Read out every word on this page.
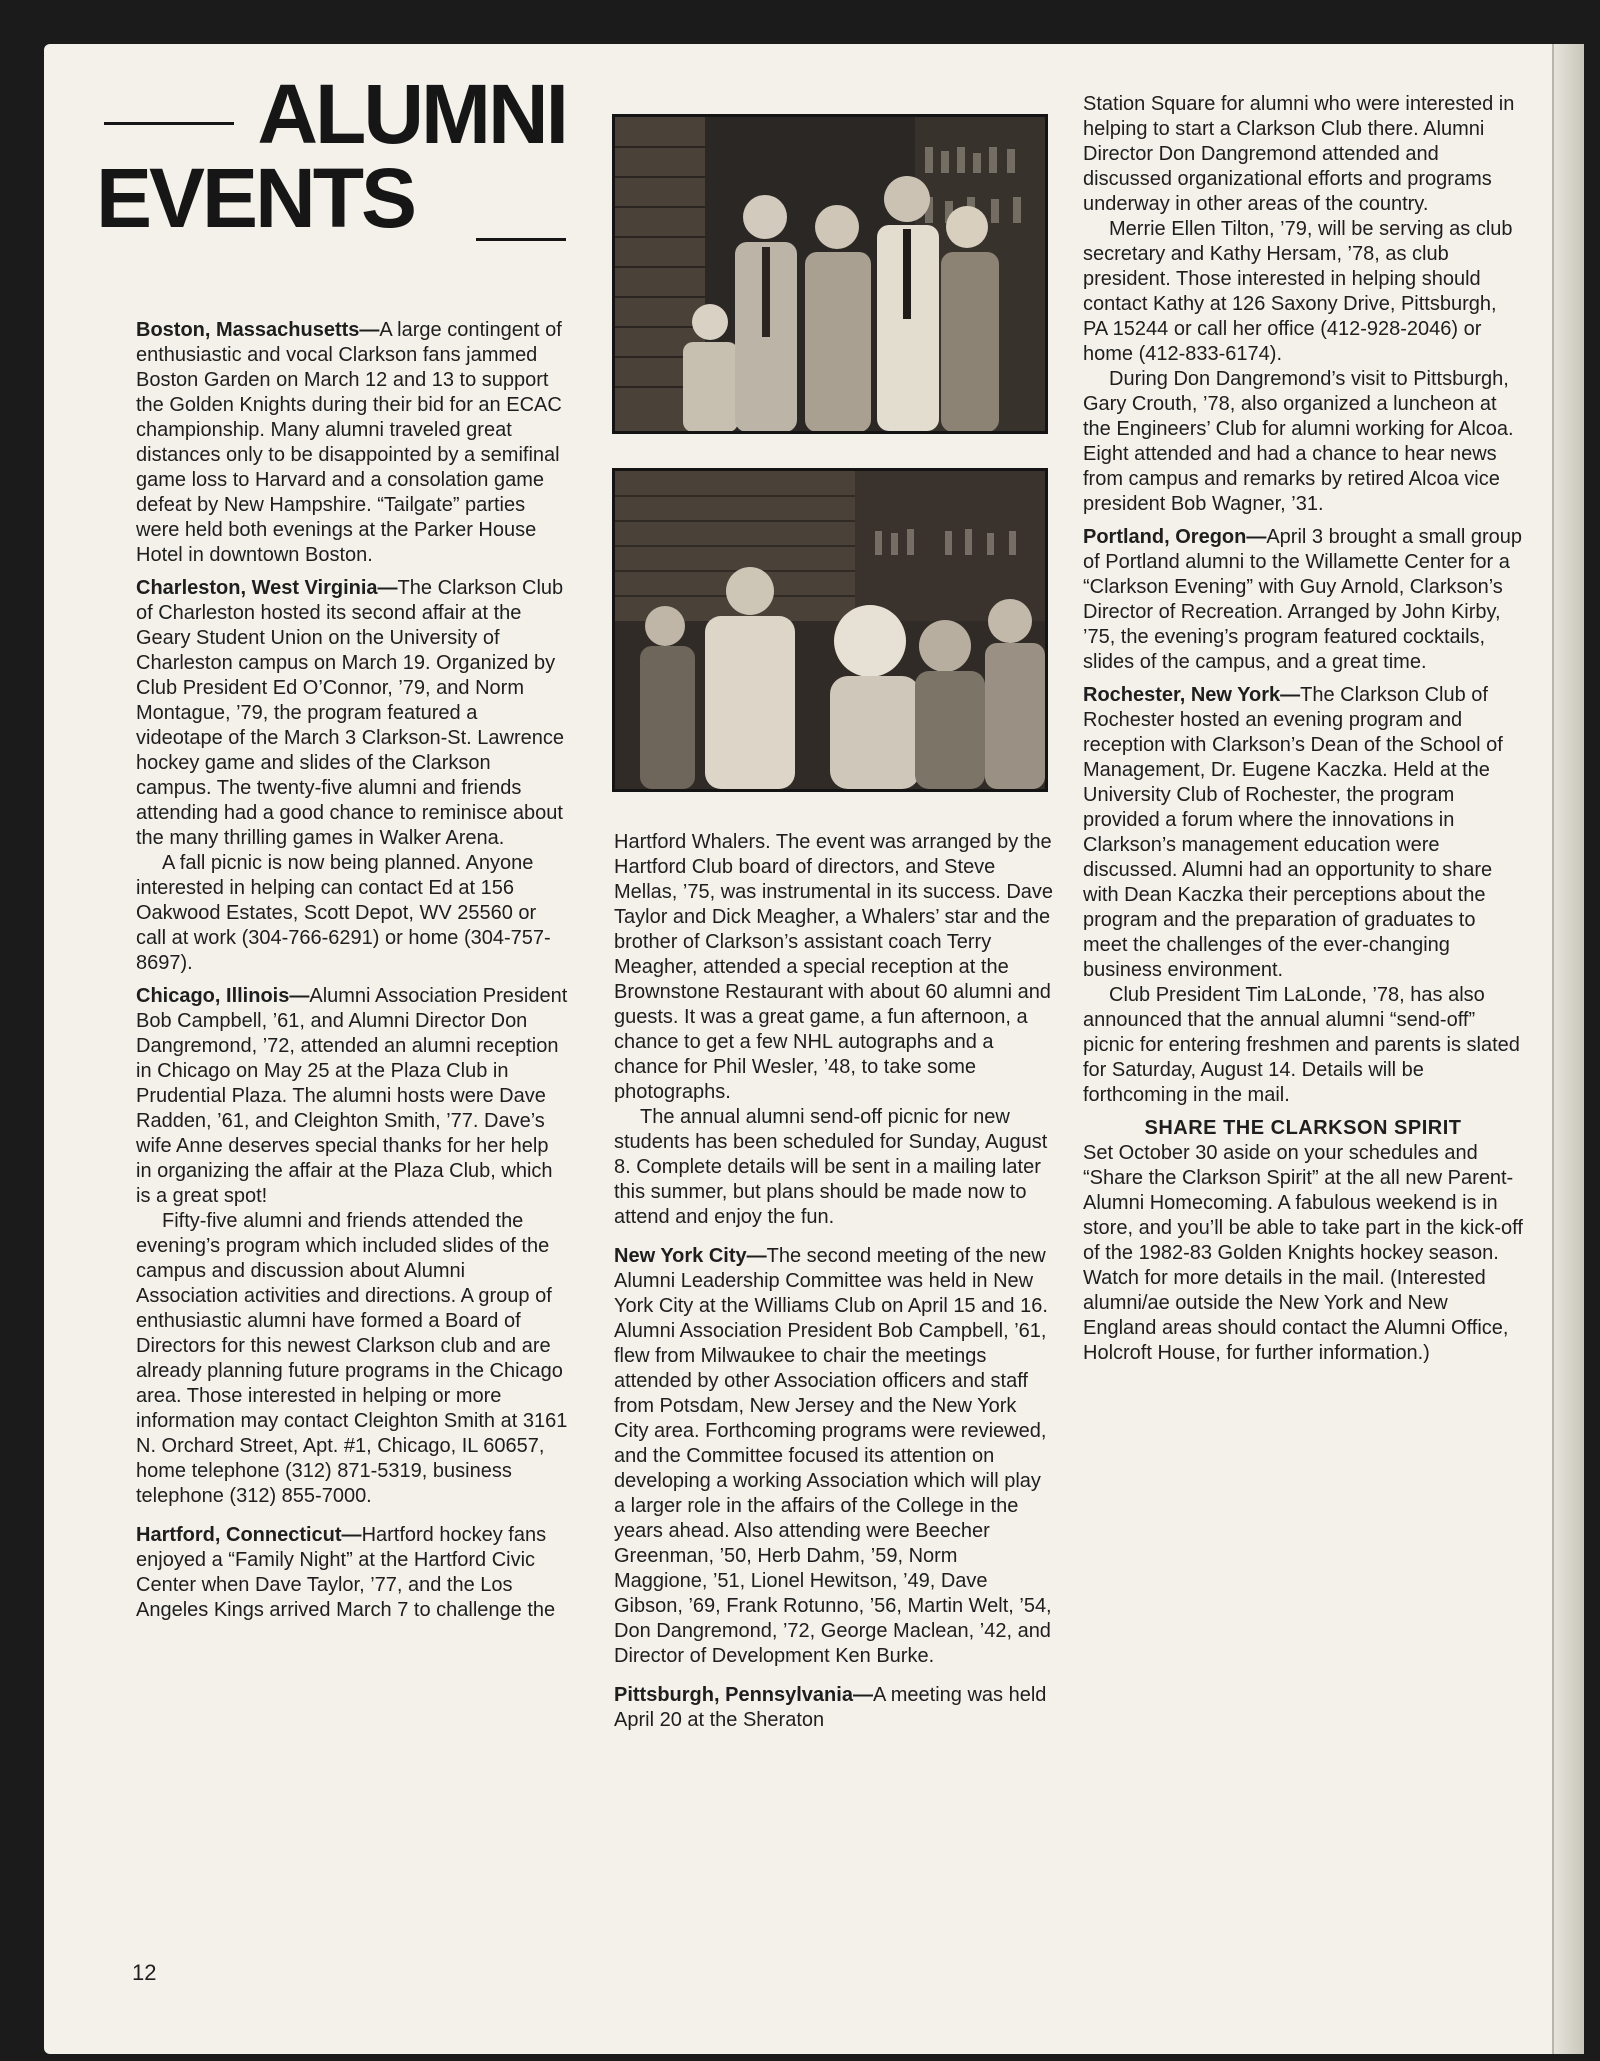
ALUMNI
EVENTS

Boston, Massachusetts—A large contingent of enthusiastic and vocal Clarkson fans jammed Boston Garden on March 12 and 13 to support the Golden Knights during their bid for an ECAC championship. Many alumni traveled great distances only to be disappointed by a semifinal game loss to Harvard and a consolation game defeat by New Hampshire. “Tailgate” parties were held both evenings at the Parker House Hotel in downtown Boston.

Charleston, West Virginia—The Clarkson Club of Charleston hosted its second affair at the Geary Student Union on the University of Charleston campus on March 19. Organized by Club President Ed O’Connor, ’79, and Norm Montague, ’79, the program featured a videotape of the March 3 Clarkson-St. Lawrence hockey game and slides of the Clarkson campus. The twenty-five alumni and friends attending had a good chance to reminisce about the many thrilling games in Walker Arena.

A fall picnic is now being planned. Anyone interested in helping can contact Ed at 156 Oakwood Estates, Scott Depot, WV 25560 or call at work (304-766-6291) or home (304-757-8697).

Chicago, Illinois—Alumni Association President Bob Campbell, ’61, and Alumni Director Don Dangremond, ’72, attended an alumni reception in Chicago on May 25 at the Plaza Club in Prudential Plaza. The alumni hosts were Dave Radden, ’61, and Cleighton Smith, ’77. Dave’s wife Anne deserves special thanks for her help in organizing the affair at the Plaza Club, which is a great spot!

Fifty-five alumni and friends attended the evening’s program which included slides of the campus and discussion about Alumni Association activities and directions. A group of enthusiastic alumni have formed a Board of Directors for this newest Clarkson club and are already planning future programs in the Chicago area. Those interested in helping or more information may contact Cleighton Smith at 3161 N. Orchard Street, Apt. #1, Chicago, IL 60657, home telephone (312) 871-5319, business telephone (312) 855-7000.

Hartford, Connecticut—Hartford hockey fans enjoyed a “Family Night” at the Hartford Civic Center when Dave Taylor, ’77, and the Los Angeles Kings arrived March 7 to challenge the

Hartford Whalers. The event was arranged by the Hartford Club board of directors, and Steve Mellas, ’75, was instrumental in its success. Dave Taylor and Dick Meagher, a Whalers’ star and the brother of Clarkson’s assistant coach Terry Meagher, attended a special reception at the Brownstone Restaurant with about 60 alumni and guests. It was a great game, a fun afternoon, a chance to get a few NHL autographs and a chance for Phil Wesler, ’48, to take some photographs.

The annual alumni send-off picnic for new students has been scheduled for Sunday, August 8. Complete details will be sent in a mailing later this summer, but plans should be made now to attend and enjoy the fun.

New York City—The second meeting of the new Alumni Leadership Committee was held in New York City at the Williams Club on April 15 and 16. Alumni Association President Bob Campbell, ’61, flew from Milwaukee to chair the meetings attended by other Association officers and staff from Potsdam, New Jersey and the New York City area. Forthcoming programs were reviewed, and the Committee focused its attention on developing a working Association which will play a larger role in the affairs of the College in the years ahead. Also attending were Beecher Greenman, ’50, Herb Dahm, ’59, Norm Maggione, ’51, Lionel Hewitson, ’49, Dave Gibson, ’69, Frank Rotunno, ’56, Martin Welt, ’54, Don Dangremond, ’72, George Maclean, ’42, and Director of Development Ken Burke.

Pittsburgh, Pennsylvania—A meeting was held April 20 at the Sheraton

Station Square for alumni who were interested in helping to start a Clarkson Club there. Alumni Director Don Dangremond attended and discussed organizational efforts and programs underway in other areas of the country.

Merrie Ellen Tilton, ’79, will be serving as club secretary and Kathy Hersam, ’78, as club president. Those interested in helping should contact Kathy at 126 Saxony Drive, Pittsburgh, PA 15244 or call her office (412-928-2046) or home (412-833-6174).

During Don Dangremond’s visit to Pittsburgh, Gary Crouth, ’78, also organized a luncheon at the Engineers’ Club for alumni working for Alcoa. Eight attended and had a chance to hear news from campus and remarks by retired Alcoa vice president Bob Wagner, ’31.

Portland, Oregon—April 3 brought a small group of Portland alumni to the Willamette Center for a “Clarkson Evening” with Guy Arnold, Clarkson’s Director of Recreation. Arranged by John Kirby, ’75, the evening’s program featured cocktails, slides of the campus, and a great time.

Rochester, New York—The Clarkson Club of Rochester hosted an evening program and reception with Clarkson’s Dean of the School of Management, Dr. Eugene Kaczka. Held at the University Club of Rochester, the program provided a forum where the innovations in Clarkson’s management education were discussed. Alumni had an opportunity to share with Dean Kaczka their perceptions about the program and the preparation of graduates to meet the challenges of the ever-changing business environment.

Club President Tim LaLonde, ’78, has also announced that the annual alumni “send-off” picnic for entering freshmen and parents is slated for Saturday, August 14. Details will be forthcoming in the mail.

SHARE THE CLARKSON SPIRIT

Set October 30 aside on your schedules and “Share the Clarkson Spirit” at the all new Parent-Alumni Homecoming. A fabulous weekend is in store, and you’ll be able to take part in the kick-off of the 1982-83 Golden Knights hockey season. Watch for more details in the mail. (Interested alumni/ae outside the New York and New England areas should contact the Alumni Office, Holcroft House, for further information.)

12
